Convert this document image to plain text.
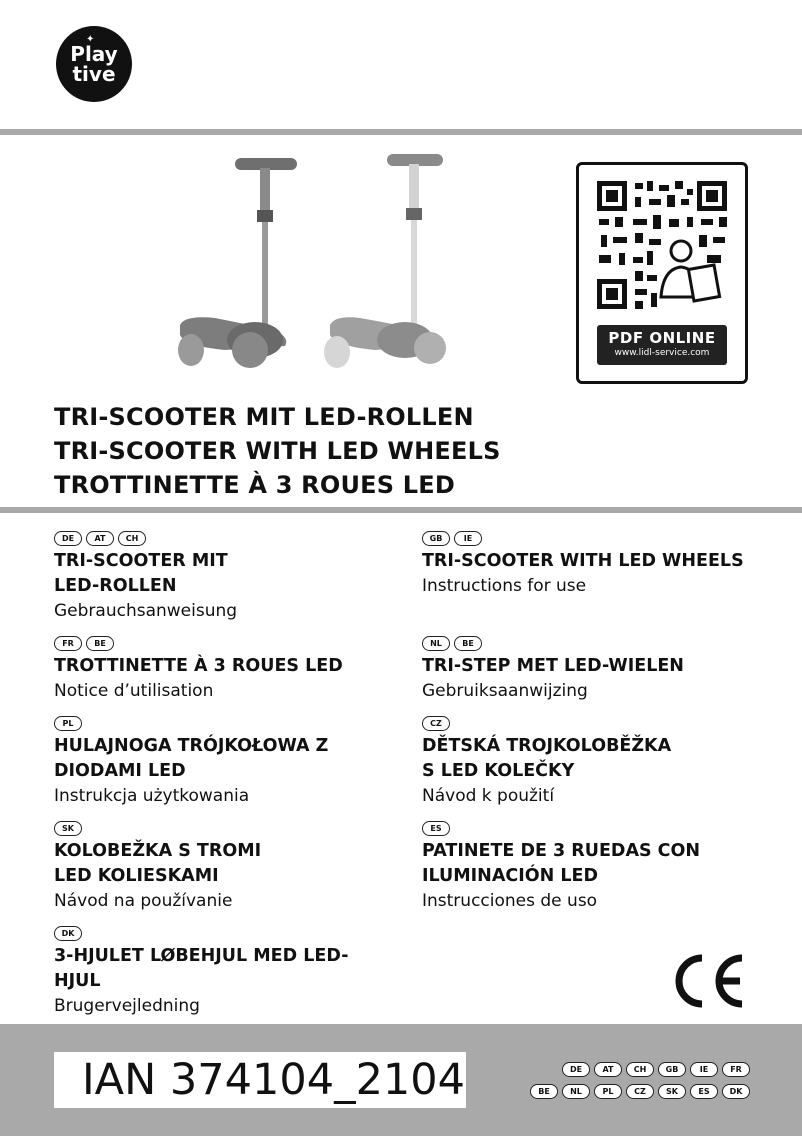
✦
Play
tive
PDF ONLINE
www.lidl-service.com
TRI-SCOOTER MIT LED-ROLLEN
TRI-SCOOTER WITH LED WHEELS
TROTTINETTE À 3 ROUES LED
DE	AT	CH
TRI-SCOOTER MIT
LED-ROLLEN
Gebrauchsanweisung
FR	BE
TROTTINETTE À 3 ROUES LED
Notice d’utilisation
PL
HULAJNOGA TRÓJKOŁOWA Z
DIODAMI LED
Instrukcja użytkowania
SK
KOLOBEŽKA S TROMI
LED KOLIESKAMI
Návod na používanie
DK
3-HJULET LØBEHJUL MED LED-HJUL
Brugervejledning
GB	IE
TRI-SCOOTER WITH LED WHEELS
Instructions for use
NL	BE
TRI-STEP MET LED-WIELEN
Gebruiksaanwijzing
CZ
DĚTSKÁ TROJKOLOBĚŽKA
S LED KOLEČKY
Návod k použití
ES
PATINETE DE 3 RUEDAS CON
ILUMINACIÓN LED
Instrucciones de uso
IAN 374104_2104	DE	AT	CH	GB	IE	FR
BE	NL	PL	CZ	SK	ES	DK
